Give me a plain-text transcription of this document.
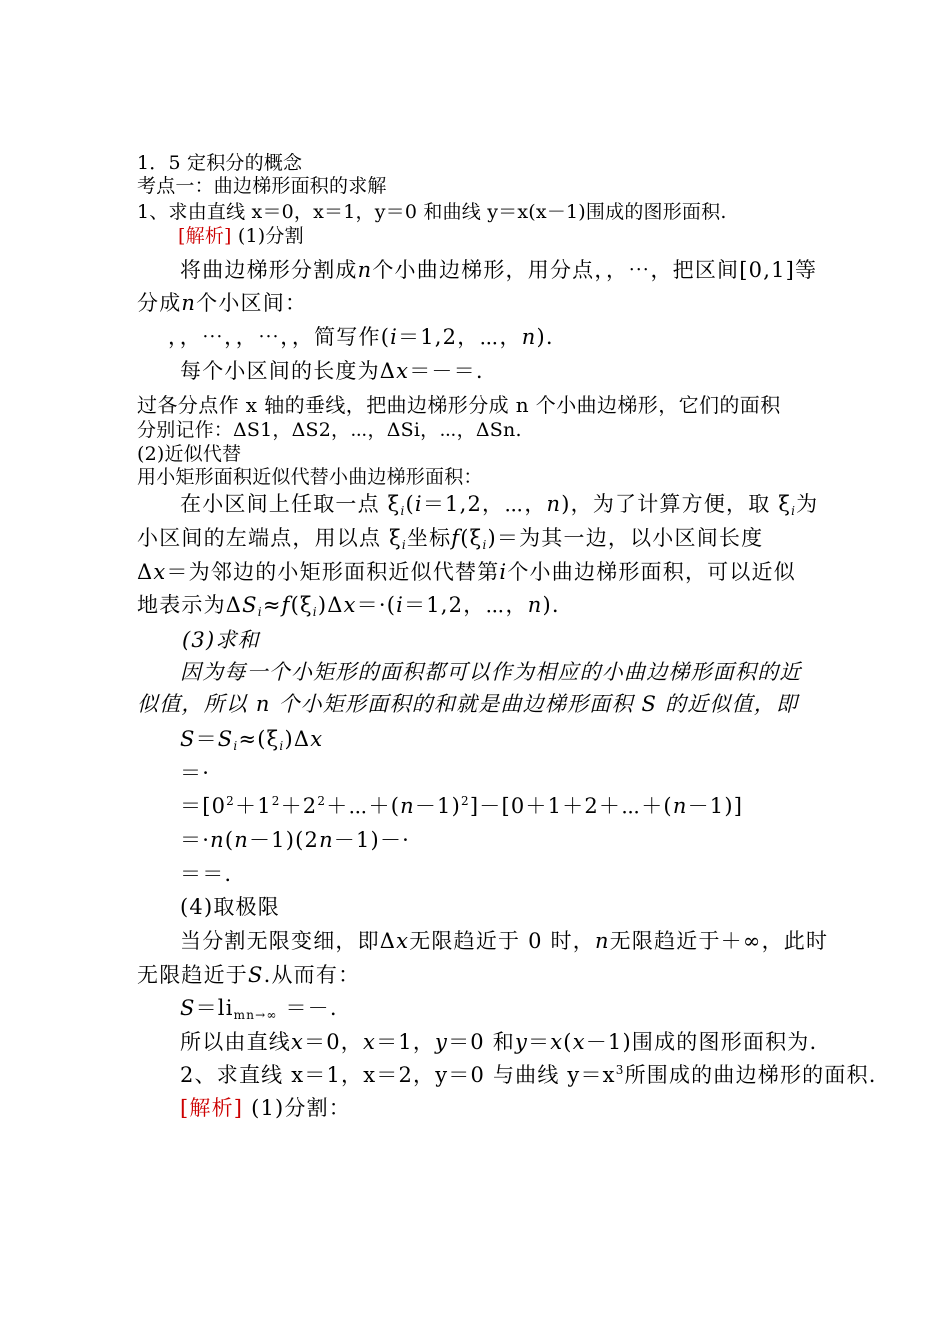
1．5 定积分的概念
考点一：曲边梯形面积的求解
1、求由直线 x＝0，x＝1，y＝0 和曲线 y＝x(x－1)围成的图形面积.
[解析] (1)分割
将曲边梯形分割成n个小曲边梯形，用分点，，⋯，把区间[0,1]等
分成n个小区间：
，，⋯，，⋯，，简写作(i＝1,2，⋯，n).
每个小区间的长度为Δx＝－＝.
过各分点作 x 轴的垂线，把曲边梯形分成 n 个小曲边梯形，它们的面积
分别记作：ΔS1，ΔS2，⋯，ΔSi，⋯，ΔSn.
(2)近似代替
用小矩形面积近似代替小曲边梯形面积：
在小区间上任取一点 $\xi_i(i=1,2$，⋯，n)，为了计算方便，取 $\xi_i$为
小区间的左端点，用以点 $\xi_i$坐标$f(\xi_i)=$为其一边，以小区间长度
Δx＝为邻边的小矩形面积近似代替第i个小曲边梯形面积，可以近似
地表示为$\Delta S_i\approx f(\xi_i)\Delta x=\cdot(i=1,2$，⋯，n).
(3)求和
因为每一个小矩形的面积都可以作为相应的小曲边梯形面积的近
似值，所以 n 个小矩形面积的和就是曲边梯形面积 S 的近似值，即
$S=S_i\approx(\xi_i)\Delta x$
＝·
$=[0^2+1^2+2^2+\cdots+(n-1)^2]-[0+1+2+\cdots+(n-1)]$
＝·n(n－1)(2n－1)－·
＝＝.
(4)取极限
当分割无限变细，即Δx无限趋近于 0 时，n无限趋近于＋∞，此时
无限趋近于S.从而有：
$S=li_{mn\to\infty}$ ＝－.
所以由直线x＝0，x＝1，y＝0 和y＝x(x－1)围成的图形面积为.
2、求直线 x＝1，x＝2，y＝0 与曲线 $y=x^3$所围成的曲边梯形的面积.
[解析] (1)分割：
